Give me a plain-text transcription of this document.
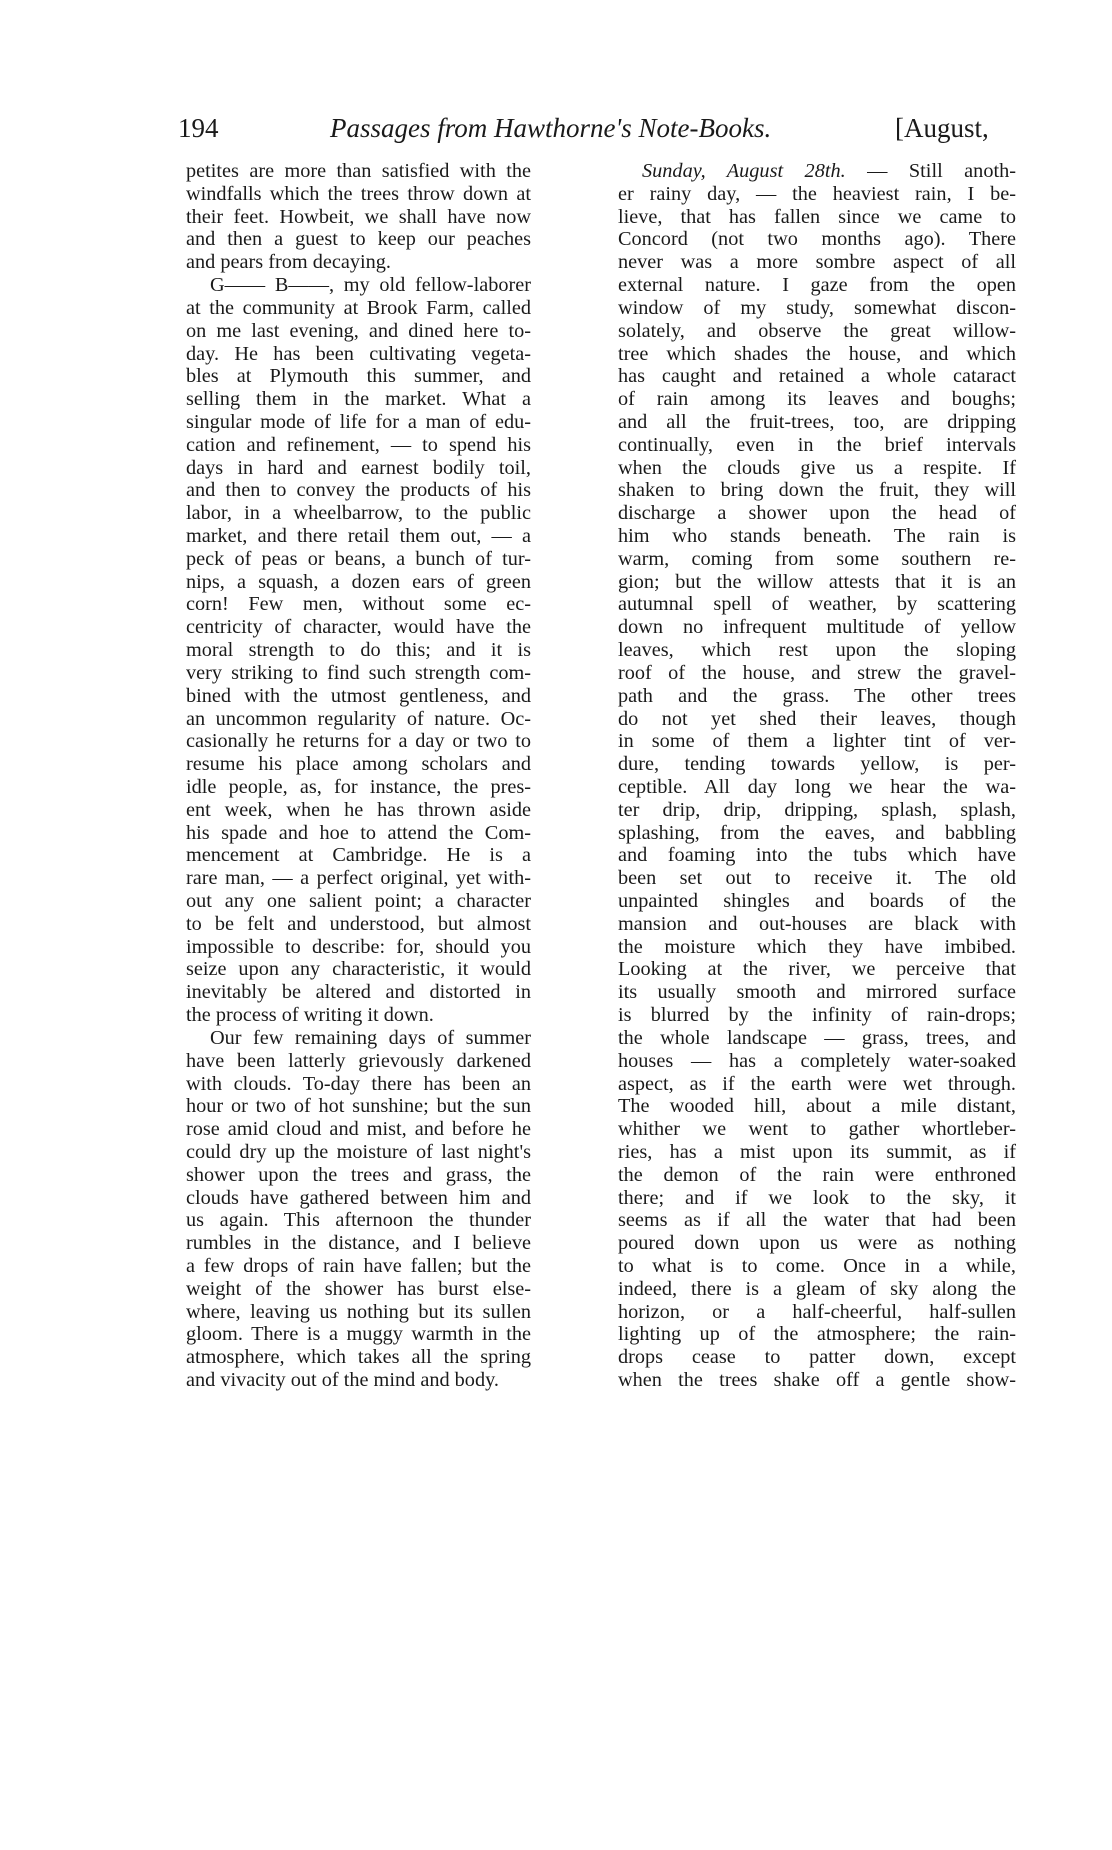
194	Passages from Hawthorne's Note-Books.	[August,
petites are more than satisfied with the
windfalls which the trees throw down at
their feet. Howbeit, we shall have now
and then a guest to keep our peaches
and pears from decaying.
G—— B——, my old fellow-laborer
at the community at Brook Farm, called
on me last evening, and dined here to-
day. He has been cultivating vegeta-
bles at Plymouth this summer, and
selling them in the market. What a
singular mode of life for a man of edu-
cation and refinement, — to spend his
days in hard and earnest bodily toil,
and then to convey the products of his
labor, in a wheelbarrow, to the public
market, and there retail them out, — a
peck of peas or beans, a bunch of tur-
nips, a squash, a dozen ears of green
corn! Few men, without some ec-
centricity of character, would have the
moral strength to do this; and it is
very striking to find such strength com-
bined with the utmost gentleness, and
an uncommon regularity of nature. Oc-
casionally he returns for a day or two to
resume his place among scholars and
idle people, as, for instance, the pres-
ent week, when he has thrown aside
his spade and hoe to attend the Com-
mencement at Cambridge. He is a
rare man, — a perfect original, yet with-
out any one salient point; a character
to be felt and understood, but almost
impossible to describe: for, should you
seize upon any characteristic, it would
inevitably be altered and distorted in
the process of writing it down.
Our few remaining days of summer
have been latterly grievously darkened
with clouds. To-day there has been an
hour or two of hot sunshine; but the sun
rose amid cloud and mist, and before he
could dry up the moisture of last night's
shower upon the trees and grass, the
clouds have gathered between him and
us again. This afternoon the thunder
rumbles in the distance, and I believe
a few drops of rain have fallen; but the
weight of the shower has burst else-
where, leaving us nothing but its sullen
gloom. There is a muggy warmth in the
atmosphere, which takes all the spring
and vivacity out of the mind and body.
Sunday, August 28th. — Still anoth-
er rainy day, — the heaviest rain, I be-
lieve, that has fallen since we came to
Concord (not two months ago). There
never was a more sombre aspect of all
external nature. I gaze from the open
window of my study, somewhat discon-
solately, and observe the great willow-
tree which shades the house, and which
has caught and retained a whole cataract
of rain among its leaves and boughs;
and all the fruit-trees, too, are dripping
continually, even in the brief intervals
when the clouds give us a respite. If
shaken to bring down the fruit, they will
discharge a shower upon the head of
him who stands beneath. The rain is
warm, coming from some southern re-
gion; but the willow attests that it is an
autumnal spell of weather, by scattering
down no infrequent multitude of yellow
leaves, which rest upon the sloping
roof of the house, and strew the gravel-
path and the grass. The other trees
do not yet shed their leaves, though
in some of them a lighter tint of ver-
dure, tending towards yellow, is per-
ceptible. All day long we hear the wa-
ter drip, drip, dripping, splash, splash,
splashing, from the eaves, and babbling
and foaming into the tubs which have
been set out to receive it. The old
unpainted shingles and boards of the
mansion and out-houses are black with
the moisture which they have imbibed.
Looking at the river, we perceive that
its usually smooth and mirrored surface
is blurred by the infinity of rain-drops;
the whole landscape — grass, trees, and
houses — has a completely water-soaked
aspect, as if the earth were wet through.
The wooded hill, about a mile distant,
whither we went to gather whortleber-
ries, has a mist upon its summit, as if
the demon of the rain were enthroned
there; and if we look to the sky, it
seems as if all the water that had been
poured down upon us were as nothing
to what is to come. Once in a while,
indeed, there is a gleam of sky along the
horizon, or a half-cheerful, half-sullen
lighting up of the atmosphere; the rain-
drops cease to patter down, except
when the trees shake off a gentle show-
